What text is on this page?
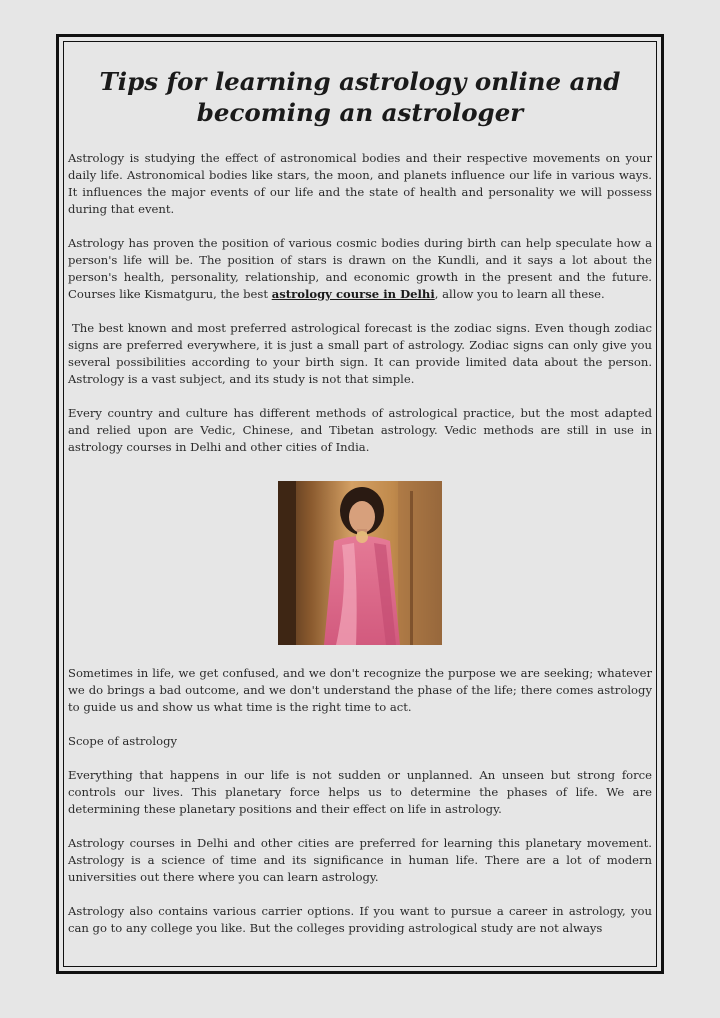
Tips for learning astrology online and becoming an astrologer

Astrology is studying the effect of astronomical bodies and their respective movements on your daily life. Astronomical bodies like stars, the moon, and planets influence our life in various ways. It influences the major events of our life and the state of health and personality we will possess during that event.

Astrology has proven the position of various cosmic bodies during birth can help speculate how a person's life will be. The position of stars is drawn on the Kundli, and it says a lot about the person's health, personality, relationship, and economic growth in the present and the future. Courses like Kismatguru, the best astrology course in Delhi, allow you to learn all these.

The best known and most preferred astrological forecast is the zodiac signs. Even though zodiac signs are preferred everywhere, it is just a small part of astrology. Zodiac signs can only give you several possibilities according to your birth sign. It can provide limited data about the person. Astrology is a vast subject, and its study is not that simple.

Every country and culture has different methods of astrological practice, but the most adapted and relied upon are Vedic, Chinese, and Tibetan astrology. Vedic methods are still in use in astrology courses in Delhi and other cities of India.

Sometimes in life, we get confused, and we don't recognize the purpose we are seeking; whatever we do brings a bad outcome, and we don't understand the phase of the life; there comes astrology to guide us and show us what time is the right time to act.

Scope of astrology

Everything that happens in our life is not sudden or unplanned. An unseen but strong force controls our lives. This planetary force helps us to determine the phases of life. We are determining these planetary positions and their effect on life in astrology.

Astrology courses in Delhi and other cities are preferred for learning this planetary movement. Astrology is a science of time and its significance in human life. There are a lot of modern universities out there where you can learn astrology.

Astrology also contains various carrier options. If you want to pursue a career in astrology, you can go to any college you like. But the colleges providing astrological study are not always
